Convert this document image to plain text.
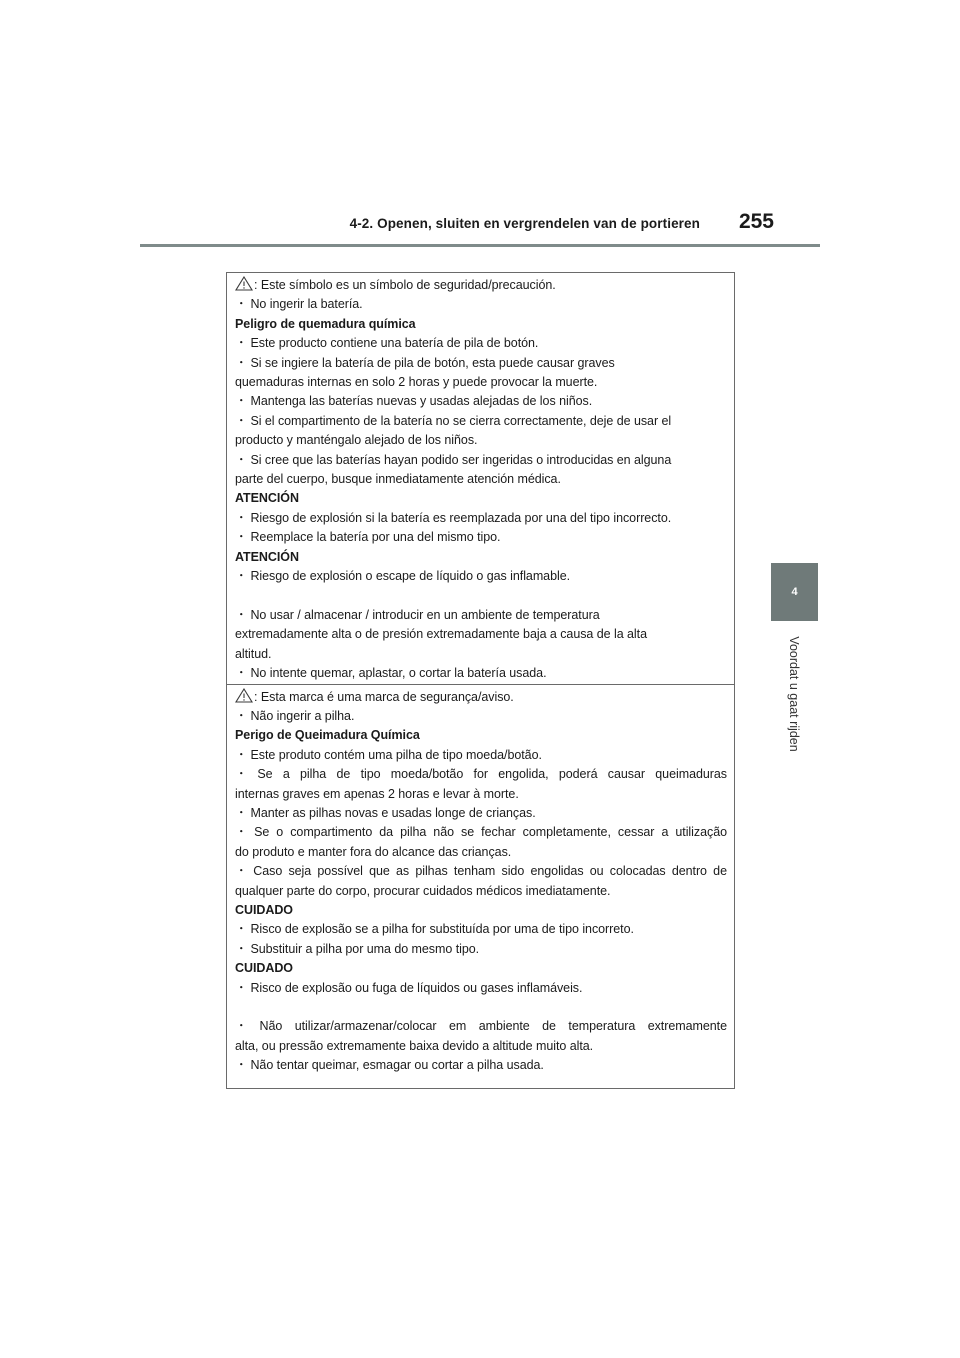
4-2. Openen, sluiten en vergrendelen van de portieren 255
4
Voordat u gaat rijden
: Este símbolo es un símbolo de seguridad/precaución.
・ No ingerir la batería.
Peligro de quemadura química
・ Este producto contiene una batería de pila de botón.
・ Si se ingiere la batería de pila de botón, esta puede causar graves
quemaduras internas en solo 2 horas y puede provocar la muerte.
・ Mantenga las baterías nuevas y usadas alejadas de los niños.
・ Si el compartimento de la batería no se cierra correctamente, deje de usar el
producto y manténgalo alejado de los niños.
・ Si cree que las baterías hayan podido ser ingeridas o introducidas en alguna
parte del cuerpo, busque inmediatamente atención médica.
ATENCIÓN
・ Riesgo de explosión si la batería es reemplazada por una del tipo incorrecto.
・ Reemplace la batería por una del mismo tipo.
ATENCIÓN
・ Riesgo de explosión o escape de líquido o gas inflamable.
・ No usar / almacenar / introducir en un ambiente de temperatura
extremadamente alta o de presión extremadamente baja a causa de la alta
altitud.
・ No intente quemar, aplastar, o cortar la batería usada.
: Esta marca é uma marca de segurança/aviso.
・ Não ingerir a pilha.
Perigo de Queimadura Química
・ Este produto contém uma pilha de tipo moeda/botão.
・ Se a pilha de tipo moeda/botão for engolida, poderá causar queimaduras
internas graves em apenas 2 horas e levar à morte.
・ Manter as pilhas novas e usadas longe de crianças.
・ Se o compartimento da pilha não se fechar completamente, cessar a utilização
do produto e manter fora do alcance das crianças.
・ Caso seja possível que as pilhas tenham sido engolidas ou colocadas dentro de
qualquer parte do corpo, procurar cuidados médicos imediatamente.
CUIDADO
・ Risco de explosão se a pilha for substituída por uma de tipo incorreto.
・ Substituir a pilha por uma do mesmo tipo.
CUIDADO
・ Risco de explosão ou fuga de líquidos ou gases inflamáveis.
・ Não utilizar/armazenar/colocar em ambiente de temperatura extremamente
alta, ou pressão extremamente baixa devido a altitude muito alta.
・ Não tentar queimar, esmagar ou cortar a pilha usada.
